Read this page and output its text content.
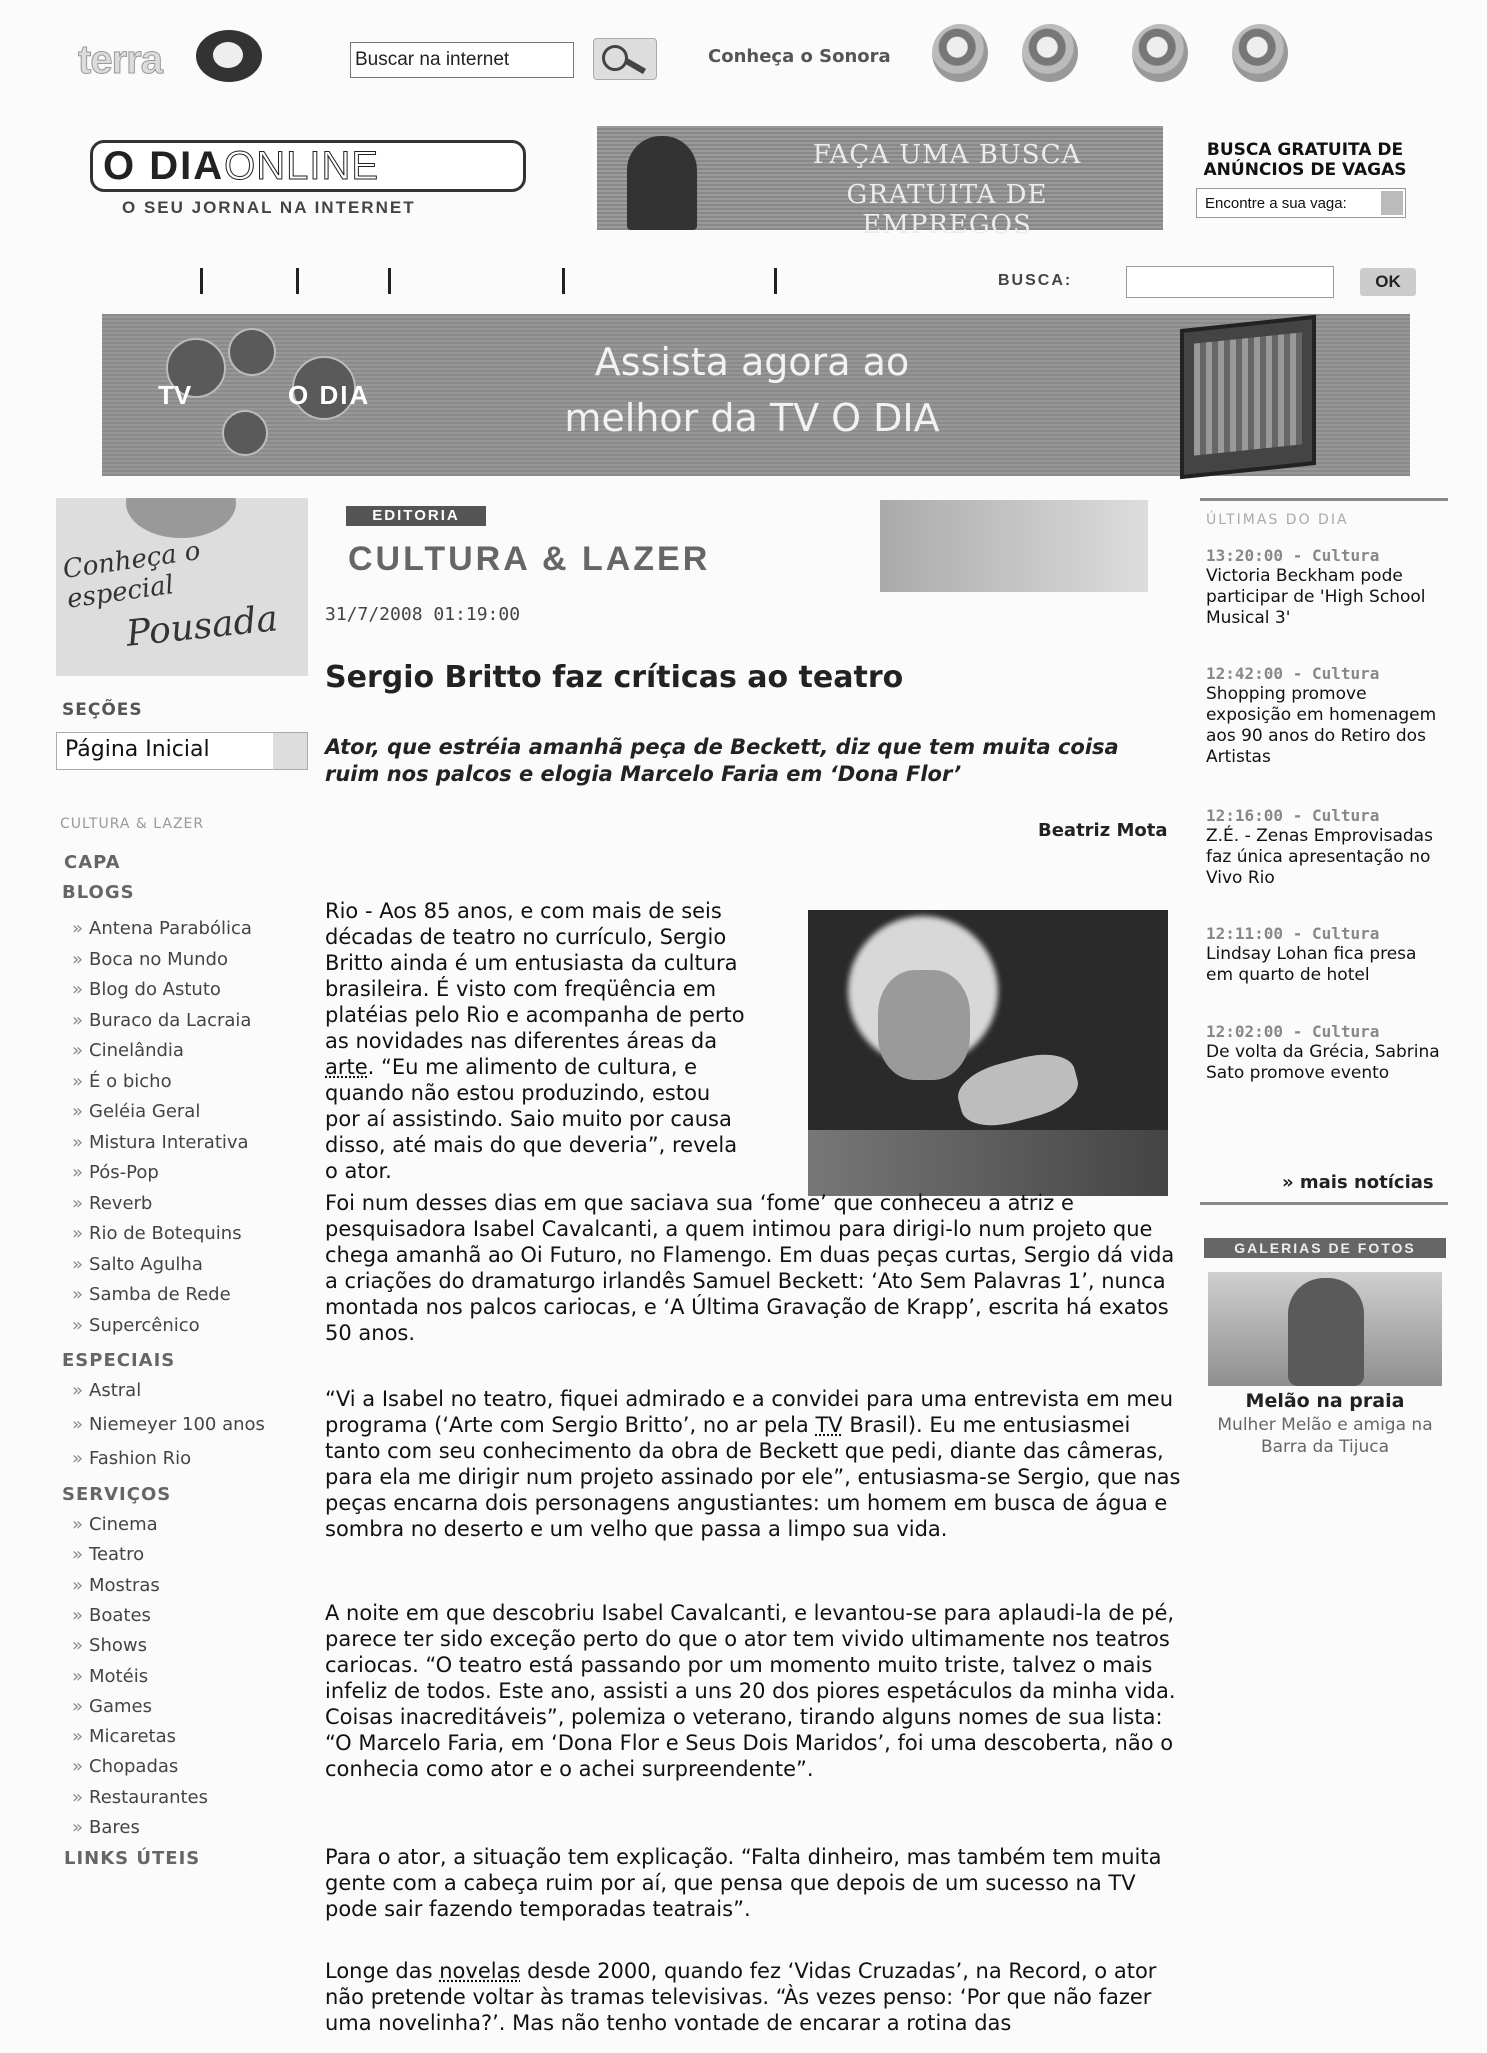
terra	Buscar na internet	Conheça o Sonora
O DIA ONLINE
O SEU JORNAL NA INTERNET
FAÇA UMA BUSCA
GRATUITA DE EMPREGOS
BUSCA GRATUITA DE ANÚNCIOS DE VAGAS
Encontre a sua vaga:
BUSCA:	OK
TV	O DIA
Assista agora ao
melhor da TV O DIA
Conheça o especial
Pousada
SEÇÕES
Página Inicial
CULTURA & LAZER
CAPA
BLOGS
» Antena Parabólica
» Boca no Mundo
» Blog do Astuto
» Buraco da Lacraia
» Cinelândia
» É o bicho
» Geléia Geral
» Mistura Interativa
» Pós-Pop
» Reverb
» Rio de Botequins
» Salto Agulha
» Samba de Rede
» Supercênico
ESPECIAIS
» Astral
» Niemeyer 100 anos
» Fashion Rio
SERVIÇOS
» Cinema
» Teatro
» Mostras
» Boates
» Shows
» Motéis
» Games
» Micaretas
» Chopadas
» Restaurantes
» Bares
LINKS ÚTEIS
EDITORIA
CULTURA & LAZER
31/7/2008 01:19:00
Sergio Britto faz críticas ao teatro
Ator, que estréia amanhã peça de Beckett, diz que tem muita coisa ruim nos palcos e elogia Marcelo Faria em ‘Dona Flor’
Beatriz Mota

Rio - Aos 85 anos, e com mais de seis décadas de teatro no currículo, Sergio Britto ainda é um entusiasta da cultura brasileira. É visto com freqüência em platéias pelo Rio e acompanha de perto as novidades nas diferentes áreas da arte. “Eu me alimento de cultura, e quando não estou produzindo, estou por aí assistindo. Saio muito por causa disso, até mais do que deveria”, revela o ator.

Foi num desses dias em que saciava sua ‘fome’ que conheceu a atriz e pesquisadora Isabel Cavalcanti, a quem intimou para dirigi-lo num projeto que chega amanhã ao Oi Futuro, no Flamengo. Em duas peças curtas, Sergio dá vida a criações do dramaturgo irlandês Samuel Beckett: ‘Ato Sem Palavras 1’, nunca montada nos palcos cariocas, e ‘A Última Gravação de Krapp’, escrita há exatos 50 anos.

“Vi a Isabel no teatro, fiquei admirado e a convidei para uma entrevista em meu programa (‘Arte com Sergio Britto’, no ar pela TV Brasil). Eu me entusiasmei tanto com seu conhecimento da obra de Beckett que pedi, diante das câmeras, para ela me dirigir num projeto assinado por ele”, entusiasma-se Sergio, que nas peças encarna dois personagens angustiantes: um homem em busca de água e sombra no deserto e um velho que passa a limpo sua vida.

A noite em que descobriu Isabel Cavalcanti, e levantou-se para aplaudi-la de pé, parece ter sido exceção perto do que o ator tem vivido ultimamente nos teatros cariocas. “O teatro está passando por um momento muito triste, talvez o mais infeliz de todos. Este ano, assisti a uns 20 dos piores espetáculos da minha vida. Coisas inacreditáveis”, polemiza o veterano, tirando alguns nomes de sua lista: “O Marcelo Faria, em ‘Dona Flor e Seus Dois Maridos’, foi uma descoberta, não o conhecia como ator e o achei surpreendente”.

Para o ator, a situação tem explicação. “Falta dinheiro, mas também tem muita gente com a cabeça ruim por aí, que pensa que depois de um sucesso na TV pode sair fazendo temporadas teatrais”.

Longe das novelas desde 2000, quando fez ‘Vidas Cruzadas’, na Record, o ator não pretende voltar às tramas televisivas. “Às vezes penso: ‘Por que não fazer uma novelinha?’. Mas não tenho vontade de encarar a rotina das

ÚLTIMAS DO DIA
13:20:00 - Cultura
Victoria Beckham pode participar de 'High School Musical 3'
12:42:00 - Cultura
Shopping promove exposição em homenagem aos 90 anos do Retiro dos Artistas
12:16:00 - Cultura
Z.É. - Zenas Emprovisadas faz única apresentação no Vivo Rio
12:11:00 - Cultura
Lindsay Lohan fica presa em quarto de hotel
12:02:00 - Cultura
De volta da Grécia, Sabrina Sato promove evento
» mais notícias
GALERIAS DE FOTOS
Melão na praia
Mulher Melão e amiga na Barra da Tijuca
